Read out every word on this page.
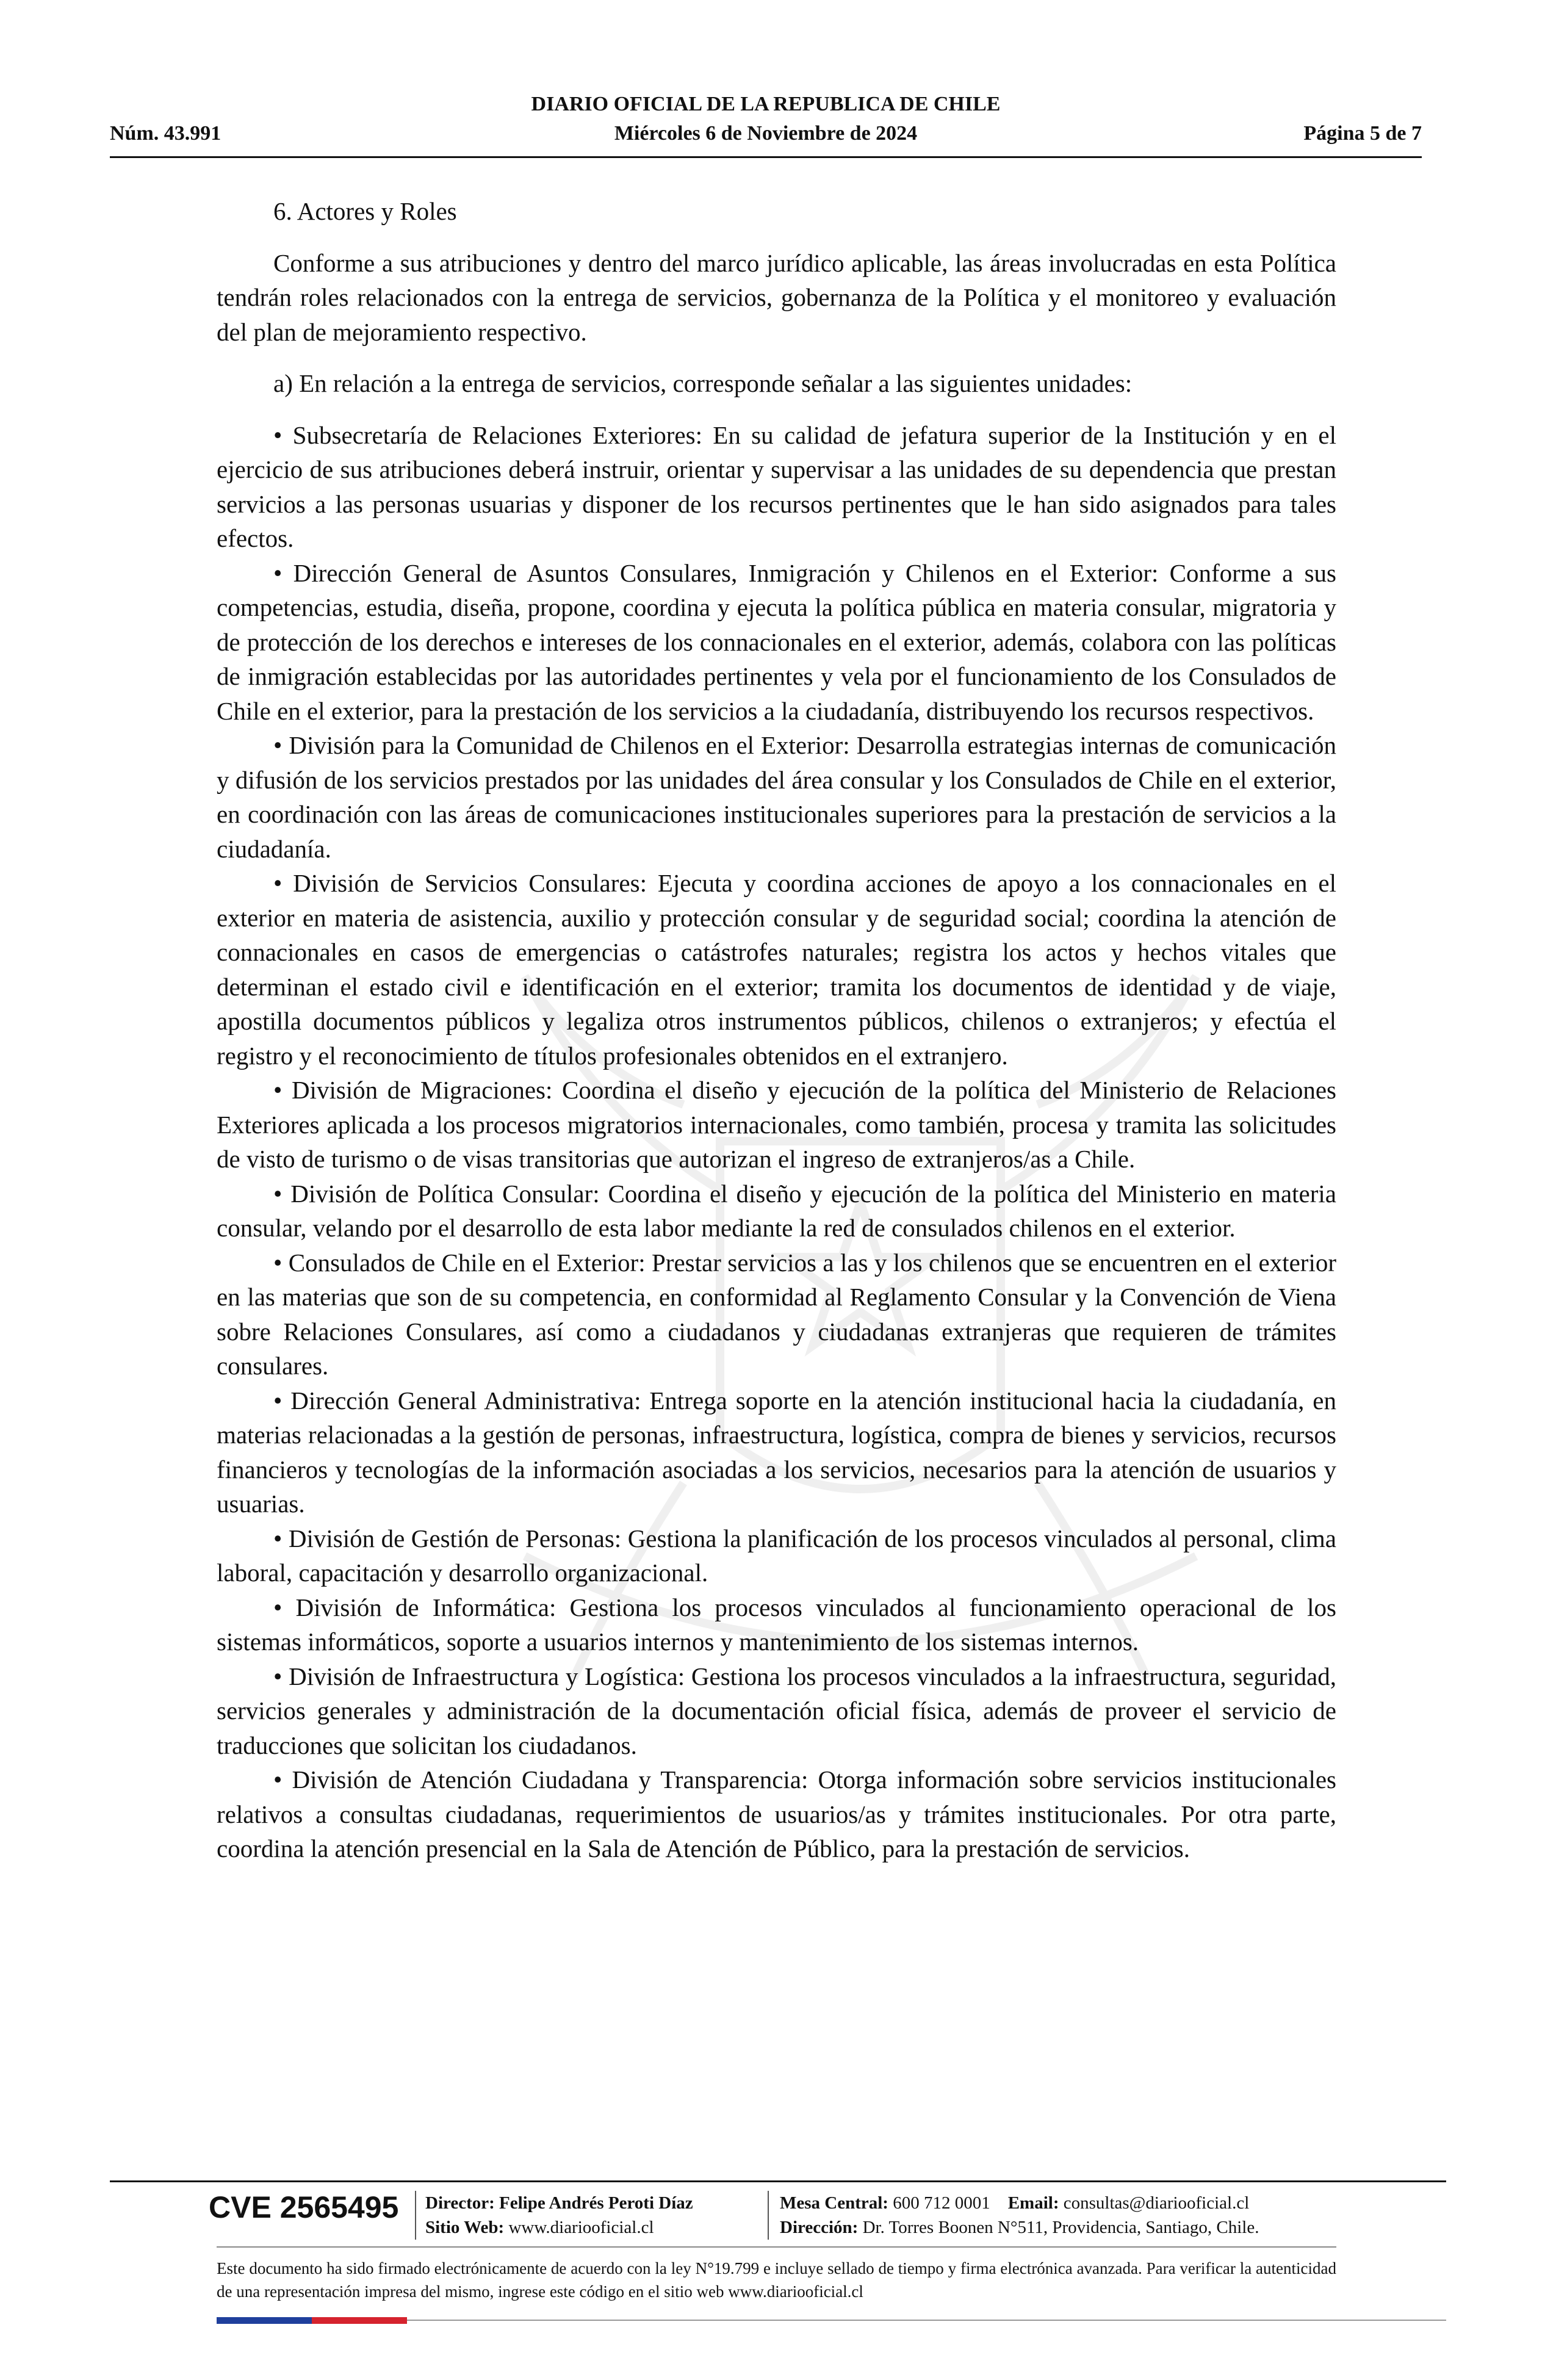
DIARIO OFICIAL DE LA REPUBLICA DE CHILE
Núm. 43.991	Miércoles 6 de Noviembre de 2024	Página 5 de 7

6. Actores y Roles

Conforme a sus atribuciones y dentro del marco jurídico aplicable, las áreas involucradas en esta Política tendrán roles relacionados con la entrega de servicios, gobernanza de la Política y el monitoreo y evaluación del plan de mejoramiento respectivo.

a) En relación a la entrega de servicios, corresponde señalar a las siguientes unidades:

• Subsecretaría de Relaciones Exteriores: En su calidad de jefatura superior de la Institución y en el ejercicio de sus atribuciones deberá instruir, orientar y supervisar a las unidades de su dependencia que prestan servicios a las personas usuarias y disponer de los recursos pertinentes que le han sido asignados para tales efectos.

• Dirección General de Asuntos Consulares, Inmigración y Chilenos en el Exterior: Conforme a sus competencias, estudia, diseña, propone, coordina y ejecuta la política pública en materia consular, migratoria y de protección de los derechos e intereses de los connacionales en el exterior, además, colabora con las políticas de inmigración establecidas por las autoridades pertinentes y vela por el funcionamiento de los Consulados de Chile en el exterior, para la prestación de los servicios a la ciudadanía, distribuyendo los recursos respectivos.

• División para la Comunidad de Chilenos en el Exterior: Desarrolla estrategias internas de comunicación y difusión de los servicios prestados por las unidades del área consular y los Consulados de Chile en el exterior, en coordinación con las áreas de comunicaciones institucionales superiores para la prestación de servicios a la ciudadanía.

• División de Servicios Consulares: Ejecuta y coordina acciones de apoyo a los connacionales en el exterior en materia de asistencia, auxilio y protección consular y de seguridad social; coordina la atención de connacionales en casos de emergencias o catástrofes naturales; registra los actos y hechos vitales que determinan el estado civil e identificación en el exterior; tramita los documentos de identidad y de viaje, apostilla documentos públicos y legaliza otros instrumentos públicos, chilenos o extranjeros; y efectúa el registro y el reconocimiento de títulos profesionales obtenidos en el extranjero.

• División de Migraciones: Coordina el diseño y ejecución de la política del Ministerio de Relaciones Exteriores aplicada a los procesos migratorios internacionales, como también, procesa y tramita las solicitudes de visto de turismo o de visas transitorias que autorizan el ingreso de extranjeros/as a Chile.

• División de Política Consular: Coordina el diseño y ejecución de la política del Ministerio en materia consular, velando por el desarrollo de esta labor mediante la red de consulados chilenos en el exterior.

• Consulados de Chile en el Exterior: Prestar servicios a las y los chilenos que se encuentren en el exterior en las materias que son de su competencia, en conformidad al Reglamento Consular y la Convención de Viena sobre Relaciones Consulares, así como a ciudadanos y ciudadanas extranjeras que requieren de trámites consulares.

• Dirección General Administrativa: Entrega soporte en la atención institucional hacia la ciudadanía, en materias relacionadas a la gestión de personas, infraestructura, logística, compra de bienes y servicios, recursos financieros y tecnologías de la información asociadas a los servicios, necesarios para la atención de usuarios y usuarias.

• División de Gestión de Personas: Gestiona la planificación de los procesos vinculados al personal, clima laboral, capacitación y desarrollo organizacional.

• División de Informática: Gestiona los procesos vinculados al funcionamiento operacional de los sistemas informáticos, soporte a usuarios internos y mantenimiento de los sistemas internos.

• División de Infraestructura y Logística: Gestiona los procesos vinculados a la infraestructura, seguridad, servicios generales y administración de la documentación oficial física, además de proveer el servicio de traducciones que solicitan los ciudadanos.

• División de Atención Ciudadana y Transparencia: Otorga información sobre servicios institucionales relativos a consultas ciudadanas, requerimientos de usuarios/as y trámites institucionales. Por otra parte, coordina la atención presencial en la Sala de Atención de Público, para la prestación de servicios.

CVE 2565495 Director: Felipe Andrés Peroti Díaz
Sitio Web: www.diariooficial.cl
Mesa Central: 600 712 0001 Email: consultas@diariooficial.cl
Dirección: Dr. Torres Boonen N°511, Providencia, Santiago, Chile.
Este documento ha sido firmado electrónicamente de acuerdo con la ley N°19.799 e incluye sellado de tiempo y firma electrónica avanzada. Para verificar la autenticidad de una representación impresa del mismo, ingrese este código en el sitio web www.diariooficial.cl
